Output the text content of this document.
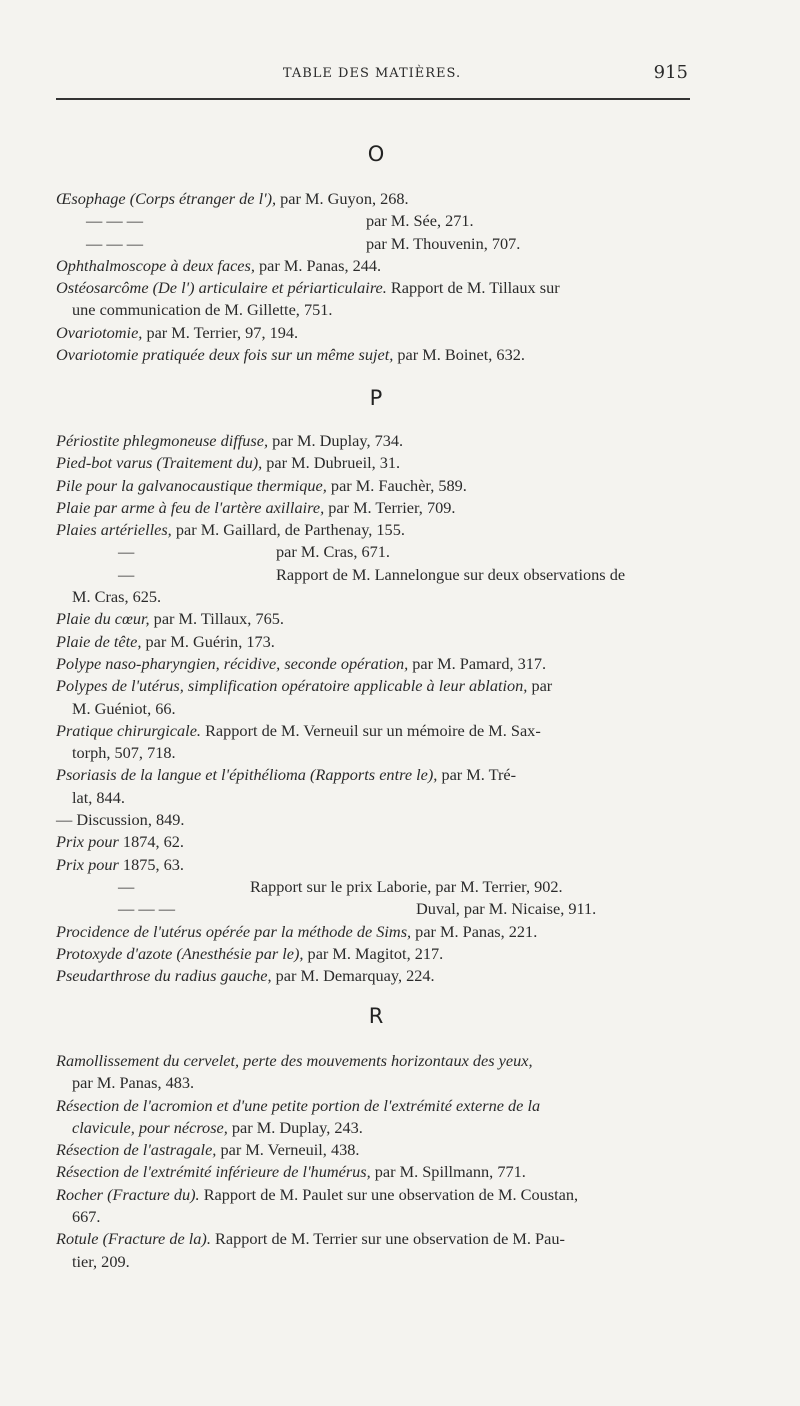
TABLE DES MATIÈRES.	915
O
Œsophage (Corps étranger de l'), par M. Guyon, 268.
— — —	par M. Sée, 271.
— — —	par M. Thouvenin, 707.
Ophthalmoscope à deux faces, par M. Panas, 244.
Ostéosarcôme (De l') articulaire et périarticulaire. Rapport de M. Tillaux sur
une communication de M. Gillette, 751.
Ovariotomie, par M. Terrier, 97, 194.
Ovariotomie pratiquée deux fois sur un même sujet, par M. Boinet, 632.
P
Périostite phlegmoneuse diffuse, par M. Duplay, 734.
Pied-bot varus (Traitement du), par M. Dubrueil, 31.
Pile pour la galvanocaustique thermique, par M. Fauchèr, 589.
Plaie par arme à feu de l'artère axillaire, par M. Terrier, 709.
Plaies artérielles, par M. Gaillard, de Parthenay, 155.
—	par M. Cras, 671.
—	Rapport de M. Lannelongue sur deux observations de
M. Cras, 625.
Plaie du cœur, par M. Tillaux, 765.
Plaie de tête, par M. Guérin, 173.
Polype naso-pharyngien, récidive, seconde opération, par M. Pamard, 317.
Polypes de l'utérus, simplification opératoire applicable à leur ablation, par
M. Guéniot, 66.
Pratique chirurgicale. Rapport de M. Verneuil sur un mémoire de M. Sax-
torph, 507, 718.
Psoriasis de la langue et l'épithélioma (Rapports entre le), par M. Tré-
lat, 844.
— Discussion, 849.
Prix pour 1874, 62.
Prix pour 1875, 63.
—	Rapport sur le prix Laborie, par M. Terrier, 902.
— — —	Duval, par M. Nicaise, 911.
Procidence de l'utérus opérée par la méthode de Sims, par M. Panas, 221.
Protoxyde d'azote (Anesthésie par le), par M. Magitot, 217.
Pseudarthrose du radius gauche, par M. Demarquay, 224.
R
Ramollissement du cervelet, perte des mouvements horizontaux des yeux,
par M. Panas, 483.
Résection de l'acromion et d'une petite portion de l'extrémité externe de la
clavicule, pour nécrose, par M. Duplay, 243.
Résection de l'astragale, par M. Verneuil, 438.
Résection de l'extrémité inférieure de l'humérus, par M. Spillmann, 771.
Rocher (Fracture du). Rapport de M. Paulet sur une observation de M. Coustan,
667.
Rotule (Fracture de la). Rapport de M. Terrier sur une observation de M. Pau-
tier, 209.
